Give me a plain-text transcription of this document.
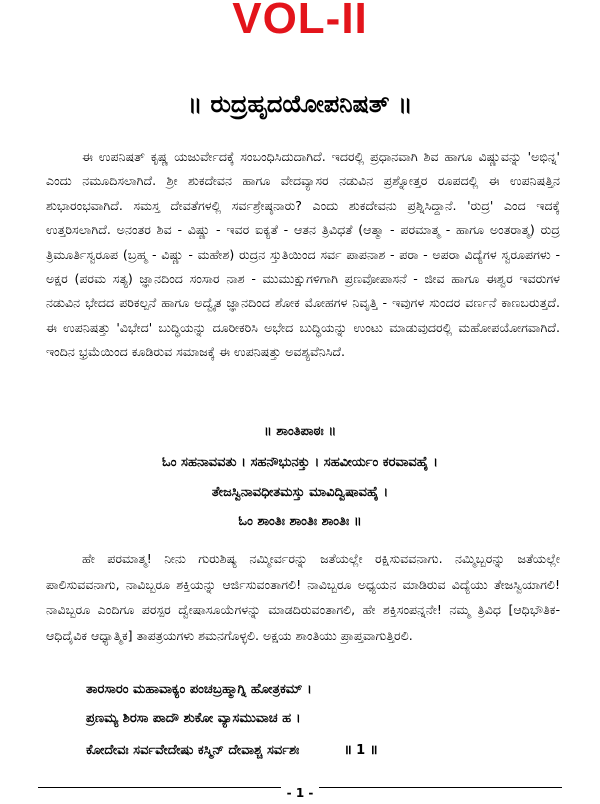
VOL-II
॥ ರುದ್ರಹೃದಯೋಪನಿಷತ್ ॥

ಈ ಉಪನಿಷತ್ ಕೃಷ್ಣ ಯಜುರ್ವೇದಕ್ಕೆ ಸಂಬಂಧಿಸಿದುದಾಗಿದೆ. ಇದರಲ್ಲಿ ಪ್ರಧಾನವಾಗಿ ಶಿವ ಹಾಗೂ ವಿಷ್ಣುವನ್ನು 'ಅಭಿನ್ನ' ಎಂದು ನಮೂದಿಸಲಾಗಿದೆ. ಶ್ರೀ ಶುಕದೇವನ ಹಾಗೂ ವೇದವ್ಯಾಸರ ನಡುವಿನ ಪ್ರಶ್ನೋತ್ತರ ರೂಪದಲ್ಲಿ ಈ ಉಪನಿಷತ್ತಿನ ಶುಭಾರಂಭವಾಗಿದೆ. ಸಮಸ್ತ ದೇವತೆಗಳಲ್ಲಿ ಸರ್ವಶ್ರೇಷ್ಠನಾರು? ಎಂದು ಶುಕದೇವನು ಪ್ರಶ್ನಿಸಿದ್ದಾನೆ. 'ರುದ್ರ' ಎಂದ ಇದಕ್ಕೆ ಉತ್ತರಿಸಲಾಗಿದೆ. ಅನಂತರ ಶಿವ - ವಿಷ್ಣು - ಇವರ ಐಕ್ಯತೆ - ಆತನ ತ್ರಿವಿಧತೆ (ಆತ್ಮಾ - ಪರಮಾತ್ಮ - ಹಾಗೂ ಅಂತರಾತ್ಮ) ರುದ್ರ ತ್ರಿಮೂರ್ತಿಸ್ವರೂಪ (ಬ್ರಹ್ಮ - ವಿಷ್ಣು - ಮಹೇಶ) ರುದ್ರನ ಸ್ತುತಿಯಿಂದ ಸರ್ವ ಪಾಪನಾಶ - ಪರಾ - ಅಪರಾ ವಿದ್ಯೆಗಳ ಸ್ವರೂಪಗಳು - ಅಕ್ಷರ (ಪರಮ ಸತ್ಯ) ಜ್ಞಾನದಿಂದ ಸಂಸಾರ ನಾಶ - ಮುಮುಕ್ಷುಗಳಿಗಾಗಿ ಪ್ರಣವೋಪಾಸನೆ - ಜೀವ ಹಾಗೂ ಈಶ್ವರ ಇವರುಗಳ ನಡುವಿನ ಭೇದದ ಪರಿಕಲ್ಪನೆ ಹಾಗೂ ಅದ್ವೈತ ಜ್ಞಾನದಿಂದ ಶೋಕ ಮೋಹಗಳ ನಿವೃತ್ತಿ - ಇವುಗಳ ಸುಂದರ ವರ್ಣನೆ ಕಾಣಬರುತ್ತದೆ. ಈ ಉಪನಿಷತ್ತು 'ವಿಭೇದ' ಬುದ್ಧಿಯನ್ನು ದೂರೀಕರಿಸಿ ಅಭೇದ ಬುದ್ಧಿಯನ್ನು ಉಂಟು ಮಾಡುವುದರಲ್ಲಿ ಮಹೋಪಯೋಗವಾಗಿದೆ. ಇಂದಿನ ಭ್ರಮೆಯಿಂದ ಕೂಡಿರುವ ಸಮಾಜಕ್ಕೆ ಈ ಉಪನಿಷತ್ತು ಅವಶ್ಯವೆನಿಸಿದೆ.

॥ ಶಾಂತಿಪಾಠಃ ॥
ಓಂ ಸಹನಾವವತು । ಸಹನೌಭುನಕ್ತು । ಸಹವೀರ್ಯಂ ಕರವಾವಹೈ ।
ತೇಜಸ್ವಿನಾವಧೀತಮಸ್ತು ಮಾವಿದ್ವಿಷಾವಹೈ ।
ಓಂ ಶಾಂತಿಃ ಶಾಂತಿಃ ಶಾಂತಿಃ ॥

ಹೇ ಪರಮಾತ್ಮ! ನೀನು ಗುರುಶಿಷ್ಯ ನಮ್ಮೀರ್ವರನ್ನು ಜತೆಯಲ್ಲೇ ರಕ್ಷಿಸುವವನಾಗು. ನಮ್ಮಿಬ್ಬರನ್ನು ಜತೆಯಲ್ಲೇ ಪಾಲಿಸುವವನಾಗು, ನಾವಿಬ್ಬರೂ ಶಕ್ತಿಯನ್ನು ಆರ್ಜಿಸುವಂತಾಗಲಿ! ನಾವಿಬ್ಬರೂ ಅಧ್ಯಯನ ಮಾಡಿರುವ ವಿದ್ಯೆಯು ತೇಜಸ್ವಿಯಾಗಲಿ! ನಾವಿಬ್ಬರೂ ಎಂದಿಗೂ ಪರಸ್ಪರ ದ್ವೇಷಾಸೂಯೆಗಳನ್ನು ಮಾಡದಿರುವಂತಾಗಲಿ, ಹೇ ಶಕ್ತಿಸಂಪನ್ನನೇ! ನಮ್ಮ ತ್ರಿವಿಧ [ಆಧಿಭೌತಿಕ- ಆಧಿದೈವಿಕ ಆಧ್ಯಾತ್ಮಿಕ] ತಾಪತ್ರಯಗಳು ಶಮನಗೊಳ್ಳಲಿ. ಅಕ್ಷಯ ಶಾಂತಿಯು ಪ್ರಾಪ್ತವಾಗುತ್ತಿರಲಿ.

ತಾರಸಾರಂ ಮಹಾವಾಕ್ಯಂ ಪಂಚಬ್ರಹ್ಮಾಗ್ನಿ ಹೋತ್ರಕಮ್ ।
ಪ್ರಣಮ್ಯ ಶಿರಸಾ ಪಾದೌ ಶುಕೋ ವ್ಯಾಸಮುವಾಚ ಹ ।
ಕೋದೇವಃ ಸರ್ವವೇದೇಷು ಕಸ್ಮಿನ್ ದೇವಾಶ್ಚ ಸರ್ವಶಃ	॥ 1 ॥
- 1 -
